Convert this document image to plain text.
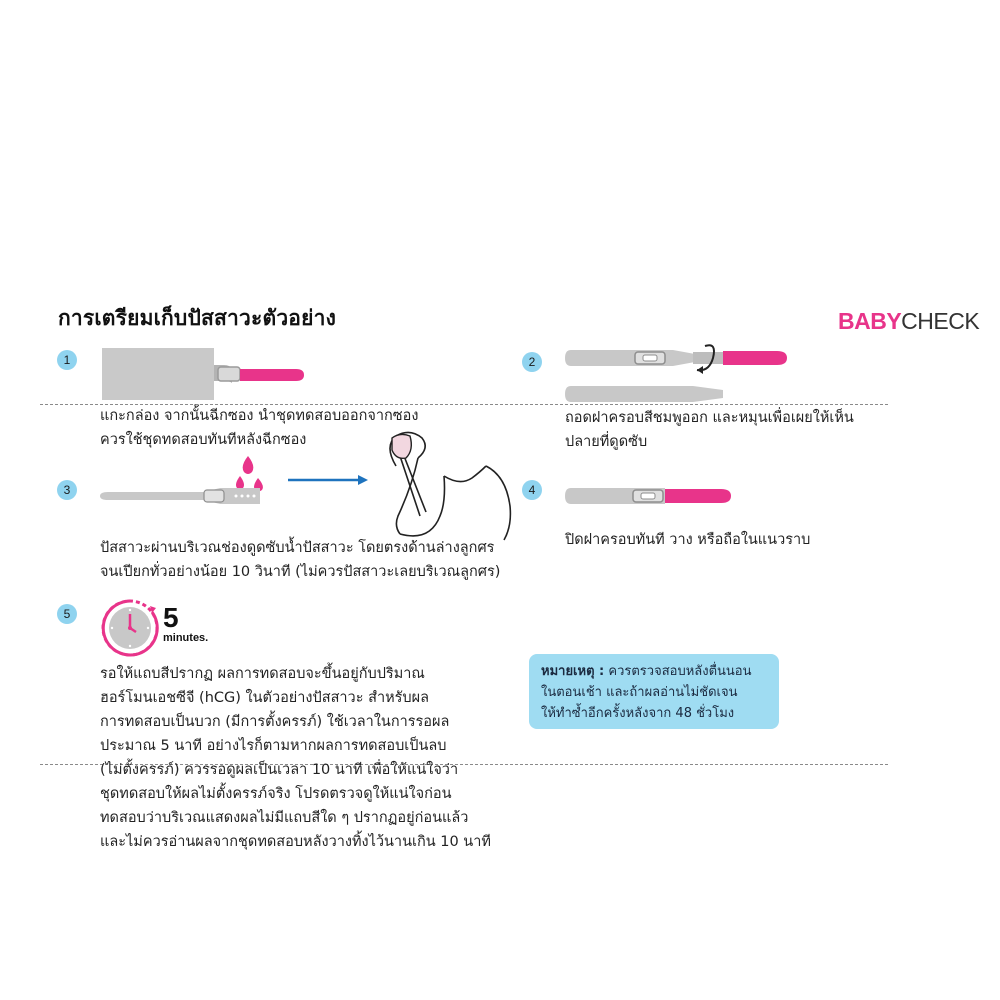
การเตรียมเก็บปัสสาวะตัวอย่าง	BABYCHECK
1	2
3	4
5	5
minutes.
แกะกล่อง จากนั้นฉีกซอง นำชุดทดสอบออกจากซอง
ควรใช้ชุดทดสอบทันทีหลังฉีกซอง
ถอดฝาครอบสีชมพูออก และหมุนเพื่อเผยให้เห็น
ปลายที่ดูดซับ
ปัสสาวะผ่านบริเวณช่องดูดซับน้ำปัสสาวะ โดยตรงด้านล่างลูกศร
จนเปียกทั่วอย่างน้อย 10 วินาที (ไม่ควรปัสสาวะเลยบริเวณลูกศร)
ปิดฝาครอบทันที วาง หรือถือในแนวราบ
รอให้แถบสีปรากฏ ผลการทดสอบจะขึ้นอยู่กับปริมาณ
ฮอร์โมนเอชซีจี (hCG) ในตัวอย่างปัสสาวะ สำหรับผล
การทดสอบเป็นบวก (มีการตั้งครรภ์) ใช้เวลาในการรอผล
ประมาณ 5 นาที อย่างไรก็ตามหากผลการทดสอบเป็นลบ
(ไม่ตั้งครรภ์) ควรรอดูผลเป็นเวลา 10 นาที เพื่อให้แน่ใจว่า
ชุดทดสอบให้ผลไม่ตั้งครรภ์จริง โปรดตรวจดูให้แน่ใจก่อน
ทดสอบว่าบริเวณแสดงผลไม่มีแถบสีใด ๆ ปรากฏอยู่ก่อนแล้ว
และไม่ควรอ่านผลจากชุดทดสอบหลังวางทิ้งไว้นานเกิน 10 นาที
หมายเหตุ : ควรตรวจสอบหลังตื่นนอน
ในตอนเช้า และถ้าผลอ่านไม่ชัดเจน
ให้ทำซ้ำอีกครั้งหลังจาก 48 ชั่วโมง
